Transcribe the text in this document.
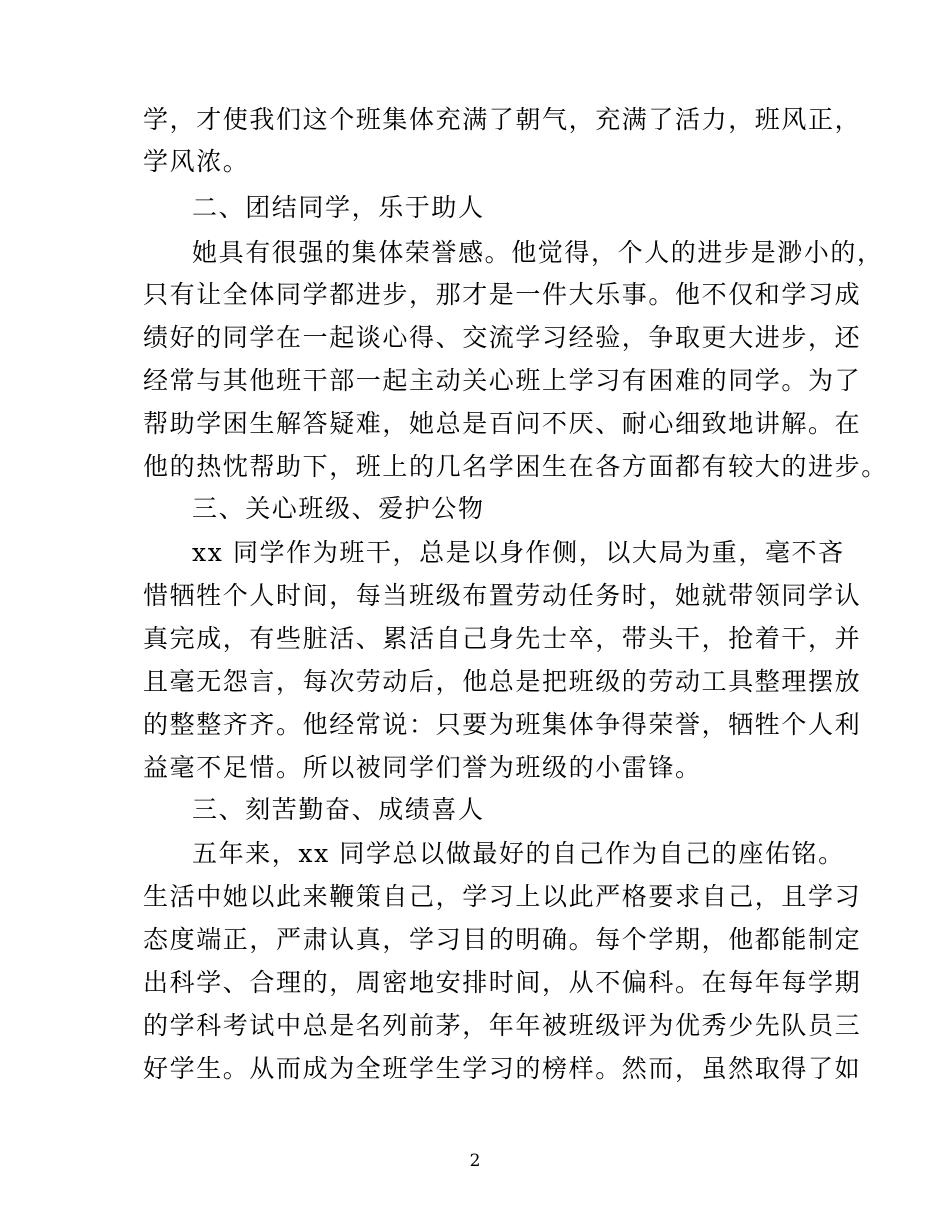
学，才使我们这个班集体充满了朝气，充满了活力，班风正，
学风浓。
二、团结同学，乐于助人
她具有很强的集体荣誉感。他觉得，个人的进步是渺小的，
只有让全体同学都进步，那才是一件大乐事。他不仅和学习成
绩好的同学在一起谈心得、交流学习经验，争取更大进步，还
经常与其他班干部一起主动关心班上学习有困难的同学。为了
帮助学困生解答疑难，她总是百问不厌、耐心细致地讲解。在
他的热忱帮助下，班上的几名学困生在各方面都有较大的进步。
三、关心班级、爱护公物
xx 同学作为班干，总是以身作侧，以大局为重，毫不吝
惜牺牲个人时间，每当班级布置劳动任务时，她就带领同学认
真完成，有些脏活、累活自己身先士卒，带头干，抢着干，并
且毫无怨言，每次劳动后，他总是把班级的劳动工具整理摆放
的整整齐齐。他经常说：只要为班集体争得荣誉，牺牲个人利
益毫不足惜。所以被同学们誉为班级的小雷锋。
三、刻苦勤奋、成绩喜人
五年来，xx 同学总以做最好的自己作为自己的座佑铭。
生活中她以此来鞭策自己，学习上以此严格要求自己，且学习
态度端正，严肃认真，学习目的明确。每个学期，他都能制定
出科学、合理的，周密地安排时间，从不偏科。在每年每学期
的学科考试中总是名列前茅，年年被班级评为优秀少先队员三
好学生。从而成为全班学生学习的榜样。然而，虽然取得了如
2
